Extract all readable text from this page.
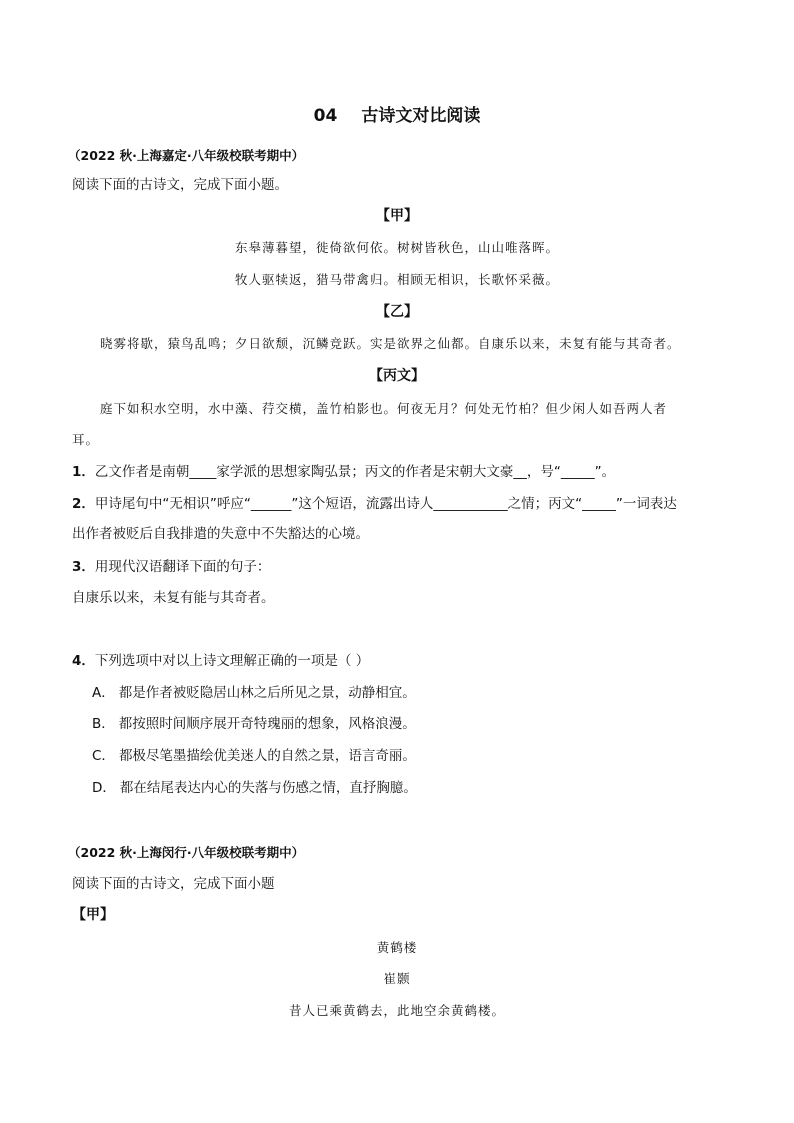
04 古诗文对比阅读
（2022 秋·上海嘉定·八年级校联考期中）
阅读下面的古诗文，完成下面小题。
【甲】
东皋薄暮望，徙倚欲何依。树树皆秋色，山山唯落晖。
牧人驱犊返，猎马带禽归。相顾无相识，长歌怀采薇。
【乙】
晓雾将歇，猿鸟乱鸣；夕日欲颓，沉鳞竞跃。实是欲界之仙都。自康乐以来，未复有能与其奇者。
【丙文】
庭下如积水空明，水中藻、荇交横，盖竹柏影也。何夜无月？何处无竹柏？但少闲人如吾两人者
耳。
1．乙文作者是南朝____家学派的思想家陶弘景；丙文的作者是宋朝大文豪__，号“_____”。
2．甲诗尾句中“无相识”呼应“______”这个短语，流露出诗人___________之情；丙文“_____”一词表达
出作者被贬后自我排遣的失意中不失豁达的心境。
3．用现代汉语翻译下面的句子：
自康乐以来，未复有能与其奇者。
4．下列选项中对以上诗文理解正确的一项是（ ）
A． 都是作者被贬隐居山林之后所见之景，动静相宜。
B． 都按照时间顺序展开奇特瑰丽的想象，风格浪漫。
C． 都极尽笔墨描绘优美迷人的自然之景，语言奇丽。
D． 都在结尾表达内心的失落与伤感之情，直抒胸臆。
（2022 秋·上海闵行·八年级校联考期中）
阅读下面的古诗文，完成下面小题
【甲】
黄鹤楼
崔颢
昔人已乘黄鹤去，此地空余黄鹤楼。
